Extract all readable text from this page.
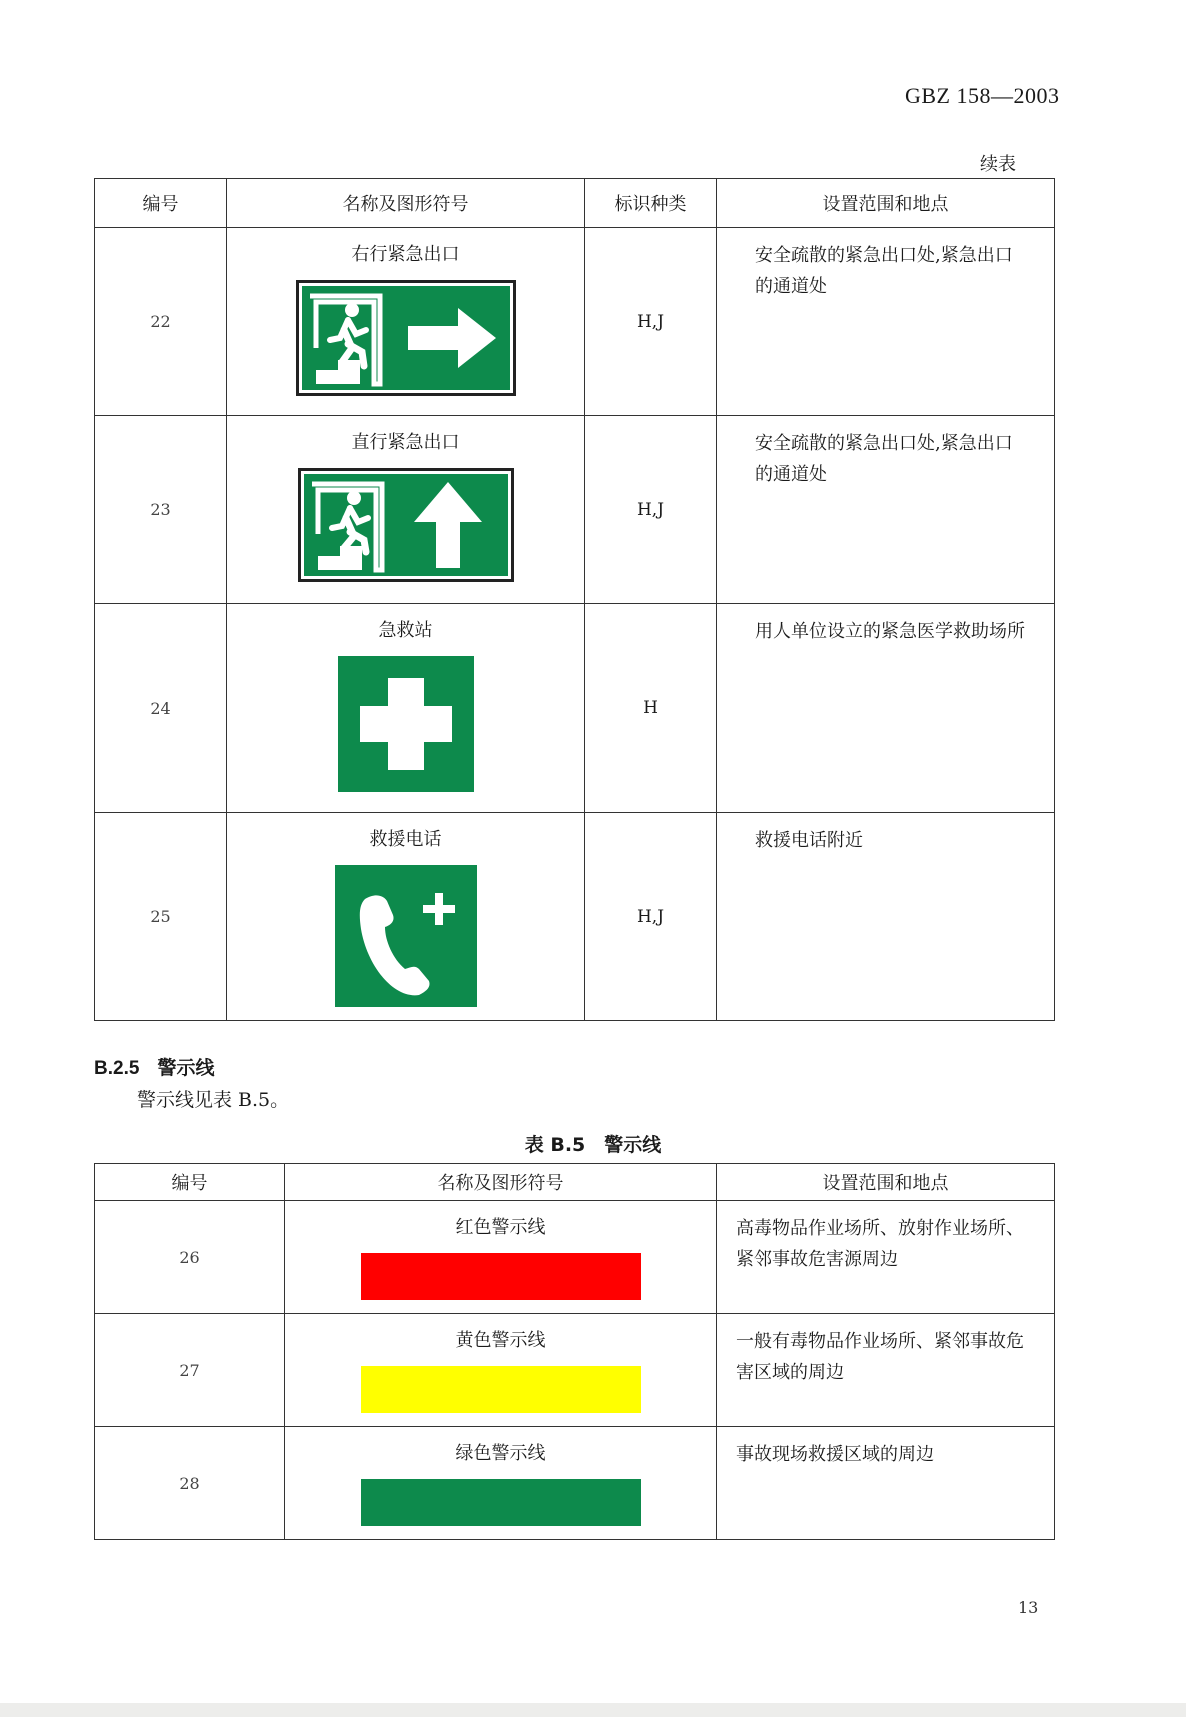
GBZ 158—2003
续表
编号	名称及图形符号	标识种类	设置范围和地点
22	右行紧急出口	H,J	安全疏散的紧急出口处,紧急出口的通道处
23	直行紧急出口	H,J	安全疏散的紧急出口处,紧急出口的通道处
24	急救站	H	用人单位设立的紧急医学救助场所
25	救援电话	H,J	救援电话附近
B.2.5 警示线
警示线见表 B.5。
表 B.5　警示线
编号	名称及图形符号	设置范围和地点
26	红色警示线	高毒物品作业场所、放射作业场所、紧邻事故危害源周边
27	黄色警示线	一般有毒物品作业场所、紧邻事故危害区域的周边
28	绿色警示线	事故现场救援区域的周边
13
